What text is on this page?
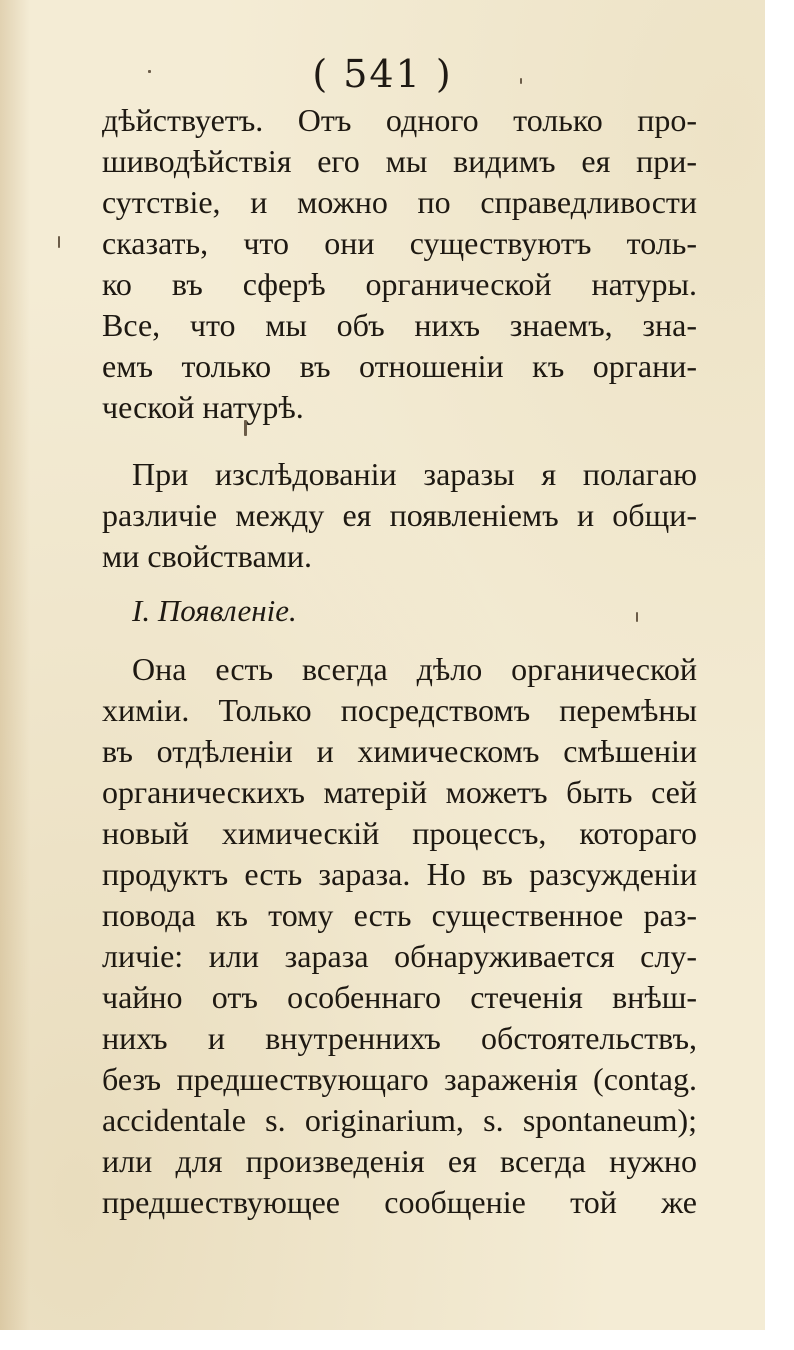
( 541 )
дѣйствуетъ. Отъ одного только про-
шиводѣйствія его мы видимъ ея при-
сутствіе, и можно по справедливости
сказать, что они существуютъ толь-
ко въ сферѣ органической натуры.
Все, что мы объ нихъ знаемъ, зна-
емъ только въ отношеніи къ органи-
ческой натурѣ.
При изслѣдованіи заразы я полагаю
различіе между ея появленіемъ и общи-
ми свойствами.
I. Появленіе.
Она есть всегда дѣло органической
химіи. Только посредствомъ перемѣны
въ отдѣленіи и химическомъ смѣшеніи
органическихъ матерій можетъ быть сей
новый химическій процессъ, котораго
продуктъ есть зараза. Но въ разсужденіи
повода къ тому есть существенное раз-
личіе: или зараза обнаруживается слу-
чайно отъ особеннаго стеченія внѣш-
нихъ и внутреннихъ обстоятельствъ,
безъ предшествующаго зараженія (contag.
accidentale s. originarium, s. spontaneum);
или для произведенія ея всегда нужно
предшествующее сообщеніе той же
